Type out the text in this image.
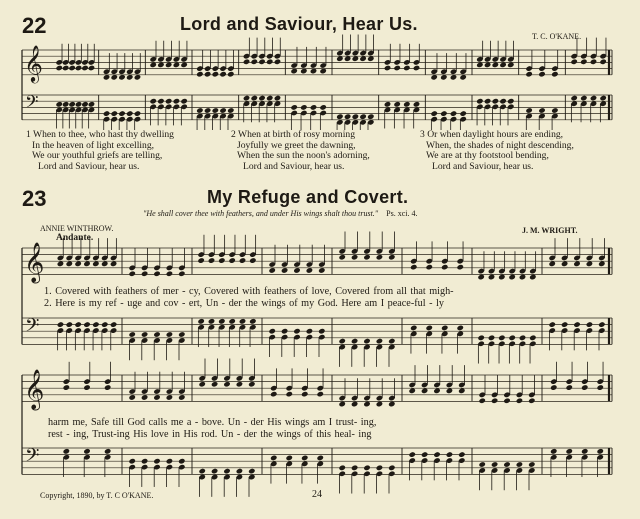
22	Lord and Saviour, Hear Us.
T. C. O'KANE.
𝄞
𝄢
1 When to thee, who hast thy dwelling
In the heaven of light excelling,
We our youthful griefs are telling,
Lord and Saviour, hear us.
2 When at birth of rosy morning
Joyfully we greet the dawning,
When the sun the noon's adorning,
Lord and Saviour, hear us.
3 Or when daylight hours are ending,
When, the shades of night descending,
We are at thy footstool bending,
Lord and Saviour, hear us.
23	My Refuge and Covert.
"He shall cover thee with feathers, and under His wings shalt thou trust." Ps. xci. 4.
ANNIE WINTHROW.	J. M. WRIGHT.
Andante.
𝄞
𝄢
𝄞
𝄢
1. Covered with feathers of mer - cy, Covered with feathers of love, Covered from all that migh-
2. Here is my ref - uge and cov - ert, Un - der the wings of my God. Here am I peace-ful - ly
harm me, Safe till God calls me a - bove. Un - der His wings am I trust- ing,
rest - ing, Trust-ing His love in His rod. Un - der the wings of this heal- ing
Copyright, 1890, by T. C O'KANE.	24
